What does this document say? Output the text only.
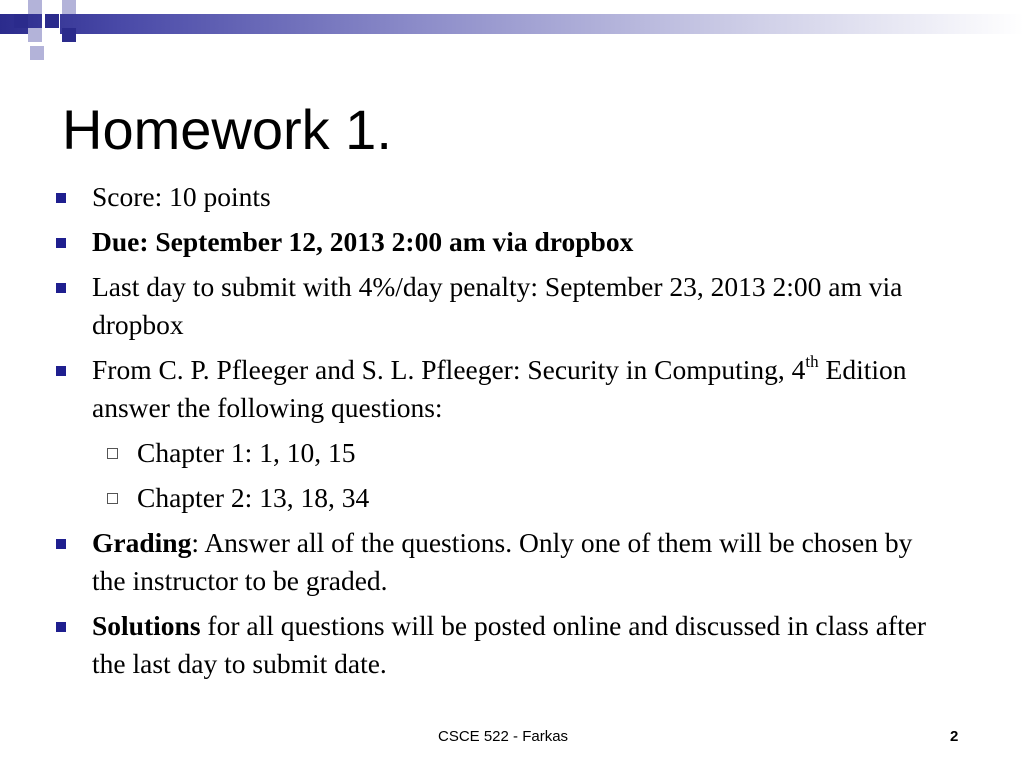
Homework 1.
Score: 10 points
Due: September 12, 2013 2:00 am via dropbox
Last day to submit with 4%/day penalty: September 23, 2013 2:00 am via dropbox
From C. P. Pfleeger and S. L. Pfleeger: Security in Computing, 4th Edition answer the following questions:
Chapter 1: 1, 10, 15
Chapter 2: 13, 18, 34
Grading: Answer all of the questions. Only one of them will be chosen by the instructor to be graded.
Solutions for all questions will be posted online and discussed in class after the last day to submit date.
CSCE 522 - Farkas	2
